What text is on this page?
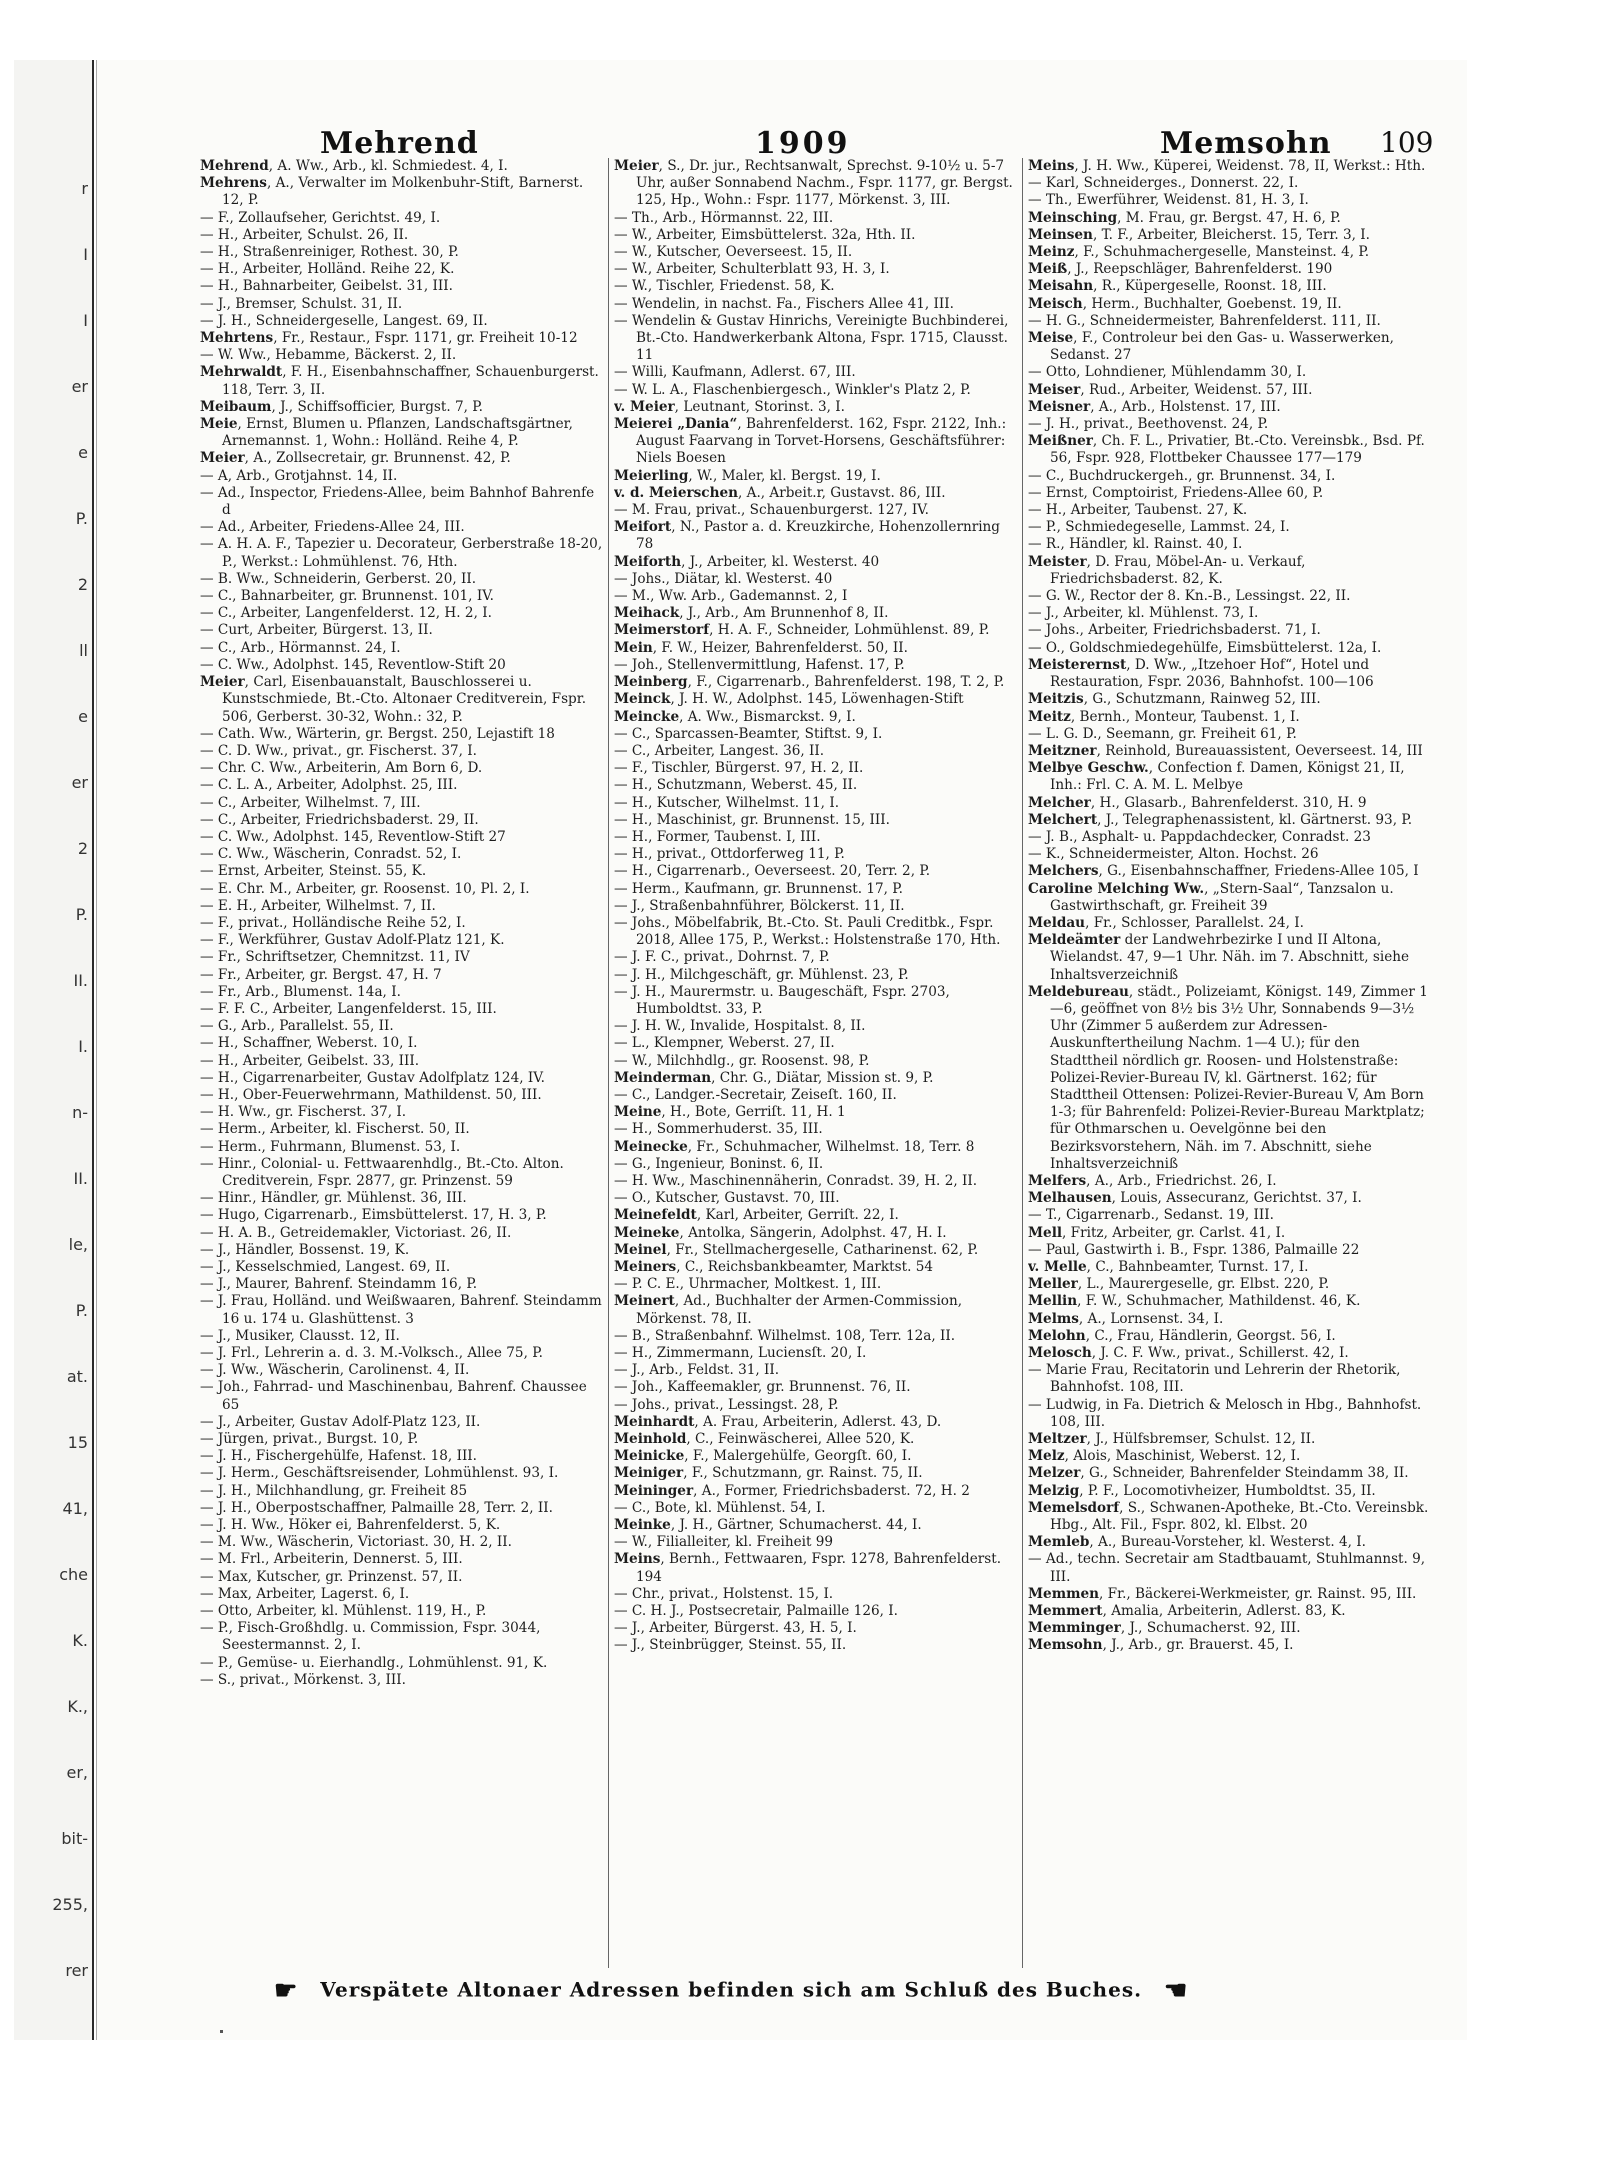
r
I
I
er
e
P.
2
ll
e
er
2
P.
II.
I.
n-
II.
le,
P.
at.
15
41,
che
K.
K.,
er,
bit-
255,
rer
Mehrend	1909	Memsohn 109

Mehrend, A. Ww., Arb., kl. Schmiedest. 4, I.

Mehrens, A., Verwalter im Molkenbuhr-Stift, Barnerst. 12, P.

— F., Zollaufseher, Gerichtst. 49, I.

— H., Arbeiter, Schulst. 26, II.

— H., Straßenreiniger, Rothest. 30, P.

— H., Arbeiter, Holländ. Reihe 22, K.

— H., Bahnarbeiter, Geibelst. 31, III.

— J., Bremser, Schulst. 31, II.

— J. H., Schneidergeselle, Langest. 69, II.

Mehrtens, Fr., Restaur., Fspr. 1171, gr. Freiheit 10-12

— W. Ww., Hebamme, Bäckerst. 2, II.

Mehrwaldt, F. H., Eisenbahnschaffner, Schauenburgerst. 118, Terr. 3, II.

Meibaum, J., Schiffsofficier, Burgst. 7, P.

Meie, Ernst, Blumen u. Pflanzen, Landschaftsgärtner, Arnemannst. 1, Wohn.: Holländ. Reihe 4, P.

Meier, A., Zollsecretair, gr. Brunnenst. 42, P.

— A, Arb., Grotjahnst. 14, II.

— Ad., Inspector, Friedens-Allee, beim Bahnhof Bahrenfe d

— Ad., Arbeiter, Friedens-Allee 24, III.

— A. H. A. F., Tapezier u. Decorateur, Gerberstraße 18-20, P., Werkst.: Lohmühlenst. 76, Hth.

— B. Ww., Schneiderin, Gerberst. 20, II.

— C., Bahnarbeiter, gr. Brunnenst. 101, IV.

— C., Arbeiter, Langenfelderst. 12, H. 2, I.

— Curt, Arbeiter, Bürgerst. 13, II.

— C., Arb., Hörmannst. 24, I.

— C. Ww., Adolphst. 145, Reventlow-Stift 20

Meier, Carl, Eisenbauanstalt, Bauschlosserei u. Kunstschmiede, Bt.-Cto. Altonaer Creditverein, Fspr. 506, Gerberst. 30-32, Wohn.: 32, P.

— Cath. Ww., Wärterin, gr. Bergst. 250, Lejastift 18

— C. D. Ww., privat., gr. Fischerst. 37, I.

— Chr. C. Ww., Arbeiterin, Am Born 6, D.

— C. L. A., Arbeiter, Adolphst. 25, III.

— C., Arbeiter, Wilhelmst. 7, III.

— C., Arbeiter, Friedrichsbaderst. 29, II.

— C. Ww., Adolphst. 145, Reventlow-Stift 27

— C. Ww., Wäscherin, Conradst. 52, I.

— Ernst, Arbeiter, Steinst. 55, K.

— E. Chr. M., Arbeiter, gr. Roosenst. 10, Pl. 2, I.

— E. H., Arbeiter, Wilhelmst. 7, II.

— F., privat., Holländische Reihe 52, I.

— F., Werkführer, Gustav Adolf-Platz 121, K.

— Fr., Schriftsetzer, Chemnitzst. 11, IV

— Fr., Arbeiter, gr. Bergst. 47, H. 7

— Fr., Arb., Blumenst. 14a, I.

— F. F. C., Arbeiter, Langenfelderst. 15, III.

— G., Arb., Parallelst. 55, II.

— H., Schaffner, Weberst. 10, I.

— H., Arbeiter, Geibelst. 33, III.

— H., Cigarrenarbeiter, Gustav Adolfplatz 124, IV.

— H., Ober-Feuerwehrmann, Mathildenst. 50, III.

— H. Ww., gr. Fischerst. 37, I.

— Herm., Arbeiter, kl. Fischerst. 50, II.

— Herm., Fuhrmann, Blumenst. 53, I.

— Hinr., Colonial- u. Fettwaarenhdlg., Bt.-Cto. Alton. Creditverein, Fspr. 2877, gr. Prinzenst. 59

— Hinr., Händler, gr. Mühlenst. 36, III.

— Hugo, Cigarrenarb., Eimsbüttelerst. 17, H. 3, P.

— H. A. B., Getreidemakler, Victoriast. 26, II.

— J., Händler, Bossenst. 19, K.

— J., Kesselschmied, Langest. 69, II.

— J., Maurer, Bahrenf. Steindamm 16, P.

— J. Frau, Holländ. und Weißwaaren, Bahrenf. Steindamm 16 u. 174 u. Glashüttenst. 3

— J., Musiker, Clausst. 12, II.

— J. Frl., Lehrerin a. d. 3. M.-Volksch., Allee 75, P.

— J. Ww., Wäscherin, Carolinenst. 4, II.

— Joh., Fahrrad- und Maschinenbau, Bahrenf. Chaussee 65

— J., Arbeiter, Gustav Adolf-Platz 123, II.

— Jürgen, privat., Burgst. 10, P.

— J. H., Fischergehülfe, Hafenst. 18, III.

— J. Herm., Geschäftsreisender, Lohmühlenst. 93, I.

— J. H., Milchhandlung, gr. Freiheit 85

— J. H., Oberpostschaffner, Palmaille 28, Terr. 2, II.

— J. H. Ww., Höker ei, Bahrenfelderst. 5, K.

— M. Ww., Wäscherin, Victoriast. 30, H. 2, II.

— M. Frl., Arbeiterin, Dennerst. 5, III.

— Max, Kutscher, gr. Prinzenst. 57, II.

— Max, Arbeiter, Lagerst. 6, I.

— Otto, Arbeiter, kl. Mühlenst. 119, H., P.

— P., Fisch-Großhdlg. u. Commission, Fspr. 3044, Seestermannst. 2, I.

— P., Gemüse- u. Eierhandlg., Lohmühlenst. 91, K.

— S., privat., Mörkenst. 3, III.

Meier, S., Dr. jur., Rechtsanwalt, Sprechst. 9-10½ u. 5-7 Uhr, außer Sonnabend Nachm., Fspr. 1177, gr. Bergst. 125, Hp., Wohn.: Fspr. 1177, Mörkenst. 3, III.

— Th., Arb., Hörmannst. 22, III.

— W., Arbeiter, Eimsbüttelerst. 32a, Hth. II.

— W., Kutscher, Oeverseest. 15, II.

— W., Arbeiter, Schulterblatt 93, H. 3, I.

— W., Tischler, Friedenst. 58, K.

— Wendelin, in nachst. Fa., Fischers Allee 41, III.

— Wendelin & Gustav Hinrichs, Vereinigte Buchbinderei, Bt.-Cto. Handwerkerbank Altona, Fspr. 1715, Clausst. 11

— Willi, Kaufmann, Adlerst. 67, III.

— W. L. A., Flaschenbiergesch., Winkler's Platz 2, P.

v. Meier, Leutnant, Storinst. 3, I.

Meierei „Dania“, Bahrenfelderst. 162, Fspr. 2122, Inh.: August Faarvang in Torvet-Horsens, Geschäftsführer: Niels Boesen

Meierling, W., Maler, kl. Bergst. 19, I.

v. d. Meierschen, A., Arbeit.r, Gustavst. 86, III.

— M. Frau, privat., Schauenburgerst. 127, IV.

Meifort, N., Pastor a. d. Kreuzkirche, Hohenzollernring 78

Meiforth, J., Arbeiter, kl. Westerst. 40

— Johs., Diätar, kl. Westerst. 40

— M., Ww. Arb., Gademannst. 2, I

Meihack, J., Arb., Am Brunnenhof 8, II.

Meimerstorf, H. A. F., Schneider, Lohmühlenst. 89, P.

Mein, F. W., Heizer, Bahrenfelderst. 50, II.

— Joh., Stellenvermittlung, Hafenst. 17, P.

Meinberg, F., Cigarrenarb., Bahrenfelderst. 198, T. 2, P.

Meinck, J. H. W., Adolphst. 145, Löwenhagen-Stift

Meincke, A. Ww., Bismarckst. 9, I.

— C., Sparcassen-Beamter, Stiftst. 9, I.

— C., Arbeiter, Langest. 36, II.

— F., Tischler, Bürgerst. 97, H. 2, II.

— H., Schutzmann, Weberst. 45, II.

— H., Kutscher, Wilhelmst. 11, I.

— H., Maschinist, gr. Brunnenst. 15, III.

— H., Former, Taubenst. I, III.

— H., privat., Ottdorferweg 11, P.

— H., Cigarrenarb., Oeverseest. 20, Terr. 2, P.

— Herm., Kaufmann, gr. Brunnenst. 17, P.

— J., Straßenbahnführer, Bölckerst. 11, II.

— Johs., Möbelfabrik, Bt.-Cto. St. Pauli Creditbk., Fspr. 2018, Allee 175, P., Werkst.: Holstenstraße 170, Hth.

— J. F. C., privat., Dohrnst. 7, P.

— J. H., Milchgeschäft, gr. Mühlenst. 23, P.

— J. H., Maurermstr. u. Baugeschäft, Fspr. 2703, Humboldtst. 33, P.

— J. H. W., Invalide, Hospitalst. 8, II.

— L., Klempner, Weberst. 27, II.

— W., Milchhdlg., gr. Roosenst. 98, P.

Meinderman, Chr. G., Diätar, Mission st. 9, P.

— C., Landger.-Secretair, Zeiseſt. 160, II.

Meine, H., Bote, Gerriſt. 11, H. 1

— H., Sommerhuderst. 35, III.

Meinecke, Fr., Schuhmacher, Wilhelmst. 18, Terr. 8

— G., Ingenieur, Boninst. 6, II.

— H. Ww., Maschinennäherin, Conradst. 39, H. 2, II.

— O., Kutscher, Gustavst. 70, III.

Meinefeldt, Karl, Arbeiter, Gerriſt. 22, I.

Meineke, Antolka, Sängerin, Adolphst. 47, H. I.

Meinel, Fr., Stellmachergeselle, Catharinenst. 62, P.

Meiners, C., Reichsbankbeamter, Marktst. 54

— P. C. E., Uhrmacher, Moltkest. 1, III.

Meinert, Ad., Buchhalter der Armen-Commission, Mörkenst. 78, II.

— B., Straßenbahnf. Wilhelmst. 108, Terr. 12a, II.

— H., Zimmermann, Luciensſt. 20, I.

— J., Arb., Feldst. 31, II.

— Joh., Kaffeemakler, gr. Brunnenst. 76, II.

— Johs., privat., Lessingst. 28, P.

Meinhardt, A. Frau, Arbeiterin, Adlerst. 43, D.

Meinhold, C., Feinwäscherei, Allee 520, K.

Meinicke, F., Malergehülfe, Georgſt. 60, I.

Meiniger, F., Schutzmann, gr. Rainst. 75, II.

Meininger, A., Former, Friedrichsbaderst. 72, H. 2

— C., Bote, kl. Mühlenst. 54, I.

Meinke, J. H., Gärtner, Schumacherst. 44, I.

— W., Filialleiter, kl. Freiheit 99

Meins, Bernh., Fettwaaren, Fspr. 1278, Bahrenfelderst. 194

— Chr., privat., Holstenst. 15, I.

— C. H. J., Postsecretair, Palmaille 126, I.

— J., Arbeiter, Bürgerst. 43, H. 5, I.

— J., Steinbrügger, Steinst. 55, II.

Meins, J. H. Ww., Küperei, Weidenst. 78, II, Werkst.: Hth.

— Karl, Schneiderges., Donnerst. 22, I.

— Th., Ewerführer, Weidenst. 81, H. 3, I.

Meinsching, M. Frau, gr. Bergst. 47, H. 6, P.

Meinsen, T. F., Arbeiter, Bleicherst. 15, Terr. 3, I.

Meinz, F., Schuhmachergeselle, Mansteinst. 4, P.

Meiß, J., Reepschläger, Bahrenfelderst. 190

Meisahn, R., Küpergeselle, Roonst. 18, III.

Meisch, Herm., Buchhalter, Goebenst. 19, II.

— H. G., Schneidermeister, Bahrenfelderst. 111, II.

Meise, F., Controleur bei den Gas- u. Wasserwerken, Sedanst. 27

— Otto, Lohndiener, Mühlendamm 30, I.

Meiser, Rud., Arbeiter, Weidenst. 57, III.

Meisner, A., Arb., Holstenst. 17, III.

— J. H., privat., Beethovenst. 24, P.

Meißner, Ch. F. L., Privatier, Bt.-Cto. Vereinsbk., Bsd. Pf. 56, Fspr. 928, Flottbeker Chaussee 177—179

— C., Buchdruckergeh., gr. Brunnenst. 34, I.

— Ernst, Comptoirist, Friedens-Allee 60, P.

— H., Arbeiter, Taubenst. 27, K.

— P., Schmiedegeselle, Lammst. 24, I.

— R., Händler, kl. Rainst. 40, I.

Meister, D. Frau, Möbel-An- u. Verkauf, Friedrichsbaderst. 82, K.

— G. W., Rector der 8. Kn.-B., Lessingst. 22, II.

— J., Arbeiter, kl. Mühlenst. 73, I.

— Johs., Arbeiter, Friedrichsbaderst. 71, I.

— O., Goldschmiedegehülfe, Eimsbüttelerst. 12a, I.

Meisterernst, D. Ww., „Itzehoer Hof“, Hotel und Restauration, Fspr. 2036, Bahnhofst. 100—106

Meitzis, G., Schutzmann, Rainweg 52, III.

Meitz, Bernh., Monteur, Taubenst. 1, I.

— L. G. D., Seemann, gr. Freiheit 61, P.

Meitzner, Reinhold, Bureauassistent, Oeverseest. 14, III

Melbye Geschw., Confection f. Damen, Königst 21, II, Inh.: Frl. C. A. M. L. Melbye

Melcher, H., Glasarb., Bahrenfelderst. 310, H. 9

Melchert, J., Telegraphenassistent, kl. Gärtnerst. 93, P.

— J. B., Asphalt- u. Pappdachdecker, Conradst. 23

— K., Schneidermeister, Alton. Hochst. 26

Melchers, G., Eisenbahnschaffner, Friedens-Allee 105, I

Caroline Melching Ww., „Stern-Saal“, Tanzsalon u. Gastwirthschaft, gr. Freiheit 39

Meldau, Fr., Schlosser, Parallelst. 24, I.

Meldeämter der Landwehrbezirke I und II Altona, Wielandst. 47, 9—1 Uhr. Näh. im 7. Abschnitt, siehe Inhaltsverzeichniß

Meldebureau, städt., Polizeiamt, Königst. 149, Zimmer 1—6, geöffnet von 8½ bis 3½ Uhr, Sonnabends 9—3½ Uhr (Zimmer 5 außerdem zur Adressen-Auskunftertheilung Nachm. 1—4 U.); für den Stadttheil nördlich gr. Roosen- und Holstenstraße: Polizei-Revier-Bureau IV, kl. Gärtnerst. 162; für Stadttheil Ottensen: Polizei-Revier-Bureau V, Am Born 1-3; für Bahrenfeld: Polizei-Revier-Bureau Marktplatz; für Othmarschen u. Oevelgönne bei den Bezirksvorstehern, Näh. im 7. Abschnitt, siehe Inhaltsverzeichniß

Melfers, A., Arb., Friedrichst. 26, I.

Melhausen, Louis, Assecuranz, Gerichtst. 37, I.

— T., Cigarrenarb., Sedanst. 19, III.

Mell, Fritz, Arbeiter, gr. Carlst. 41, I.

— Paul, Gastwirth i. B., Fspr. 1386, Palmaille 22

v. Melle, C., Bahnbeamter, Turnst. 17, I.

Meller, L., Maurergeselle, gr. Elbst. 220, P.

Mellin, F. W., Schuhmacher, Mathildenst. 46, K.

Melms, A., Lornsenst. 34, I.

Melohn, C., Frau, Händlerin, Georgst. 56, I.

Melosch, J. C. F. Ww., privat., Schillerst. 42, I.

— Marie Frau, Recitatorin und Lehrerin der Rhetorik, Bahnhofst. 108, III.

— Ludwig, in Fa. Dietrich & Melosch in Hbg., Bahnhofst. 108, III.

Meltzer, J., Hülfsbremser, Schulst. 12, II.

Melz, Alois, Maschinist, Weberst. 12, I.

Melzer, G., Schneider, Bahrenfelder Steindamm 38, II.

Melzig, P. F., Locomotivheizer, Humboldtst. 35, II.

Memelsdorf, S., Schwanen-Apotheke, Bt.-Cto. Vereinsbk. Hbg., Alt. Fil., Fspr. 802, kl. Elbst. 20

Memleb, A., Bureau-Vorsteher, kl. Westerst. 4, I.

— Ad., techn. Secretair am Stadtbauamt, Stuhlmannst. 9, III.

Memmen, Fr., Bäckerei-Werkmeister, gr. Rainst. 95, III.

Memmert, Amalia, Arbeiterin, Adlerst. 83, K.

Memminger, J., Schumacherst. 92, III.

Memsohn, J., Arb., gr. Brauerst. 45, I.

☛ Verspätete Altonaer Adressen befinden sich am Schluß des Buches. ☚
